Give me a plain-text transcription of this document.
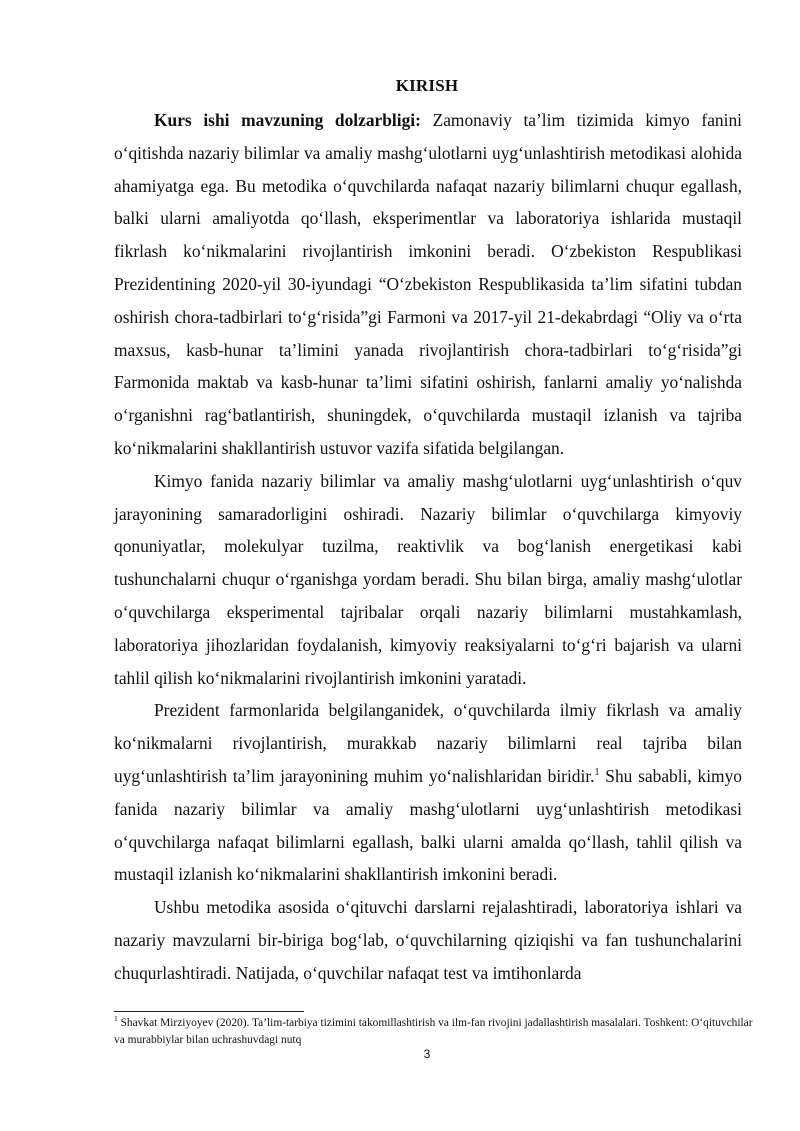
KIRISH

Kurs ishi mavzuning dolzarbligi: Zamonaviy ta’lim tizimida kimyo fanini o‘qitishda nazariy bilimlar va amaliy mashg‘ulotlarni uyg‘unlashtirish metodikasi alohida ahamiyatga ega. Bu metodika o‘quvchilarda nafaqat nazariy bilimlarni chuqur egallash, balki ularni amaliyotda qo‘llash, eksperimentlar va laboratoriya ishlarida mustaqil fikrlash ko‘nikmalarini rivojlantirish imkonini beradi. O‘zbekiston Respublikasi Prezidentining 2020-yil 30-iyundagi “O‘zbekiston Respublikasida ta’lim sifatini tubdan oshirish chora-tadbirlari to‘g‘risida”gi Farmoni va 2017-yil 21-dekabrdagi “Oliy va o‘rta maxsus, kasb-hunar ta’limini yanada rivojlantirish chora-tadbirlari to‘g‘risida”gi Farmonida maktab va kasb-hunar ta’limi sifatini oshirish, fanlarni amaliy yo‘nalishda o‘rganishni rag‘batlantirish, shuningdek, o‘quvchilarda mustaqil izlanish va tajriba ko‘nikmalarini shakllantirish ustuvor vazifa sifatida belgilangan.

Kimyo fanida nazariy bilimlar va amaliy mashg‘ulotlarni uyg‘unlashtirish o‘quv jarayonining samaradorligini oshiradi. Nazariy bilimlar o‘quvchilarga kimyoviy qonuniyatlar, molekulyar tuzilma, reaktivlik va bog‘lanish energetikasi kabi tushunchalarni chuqur o‘rganishga yordam beradi. Shu bilan birga, amaliy mashg‘ulotlar o‘quvchilarga eksperimental tajribalar orqali nazariy bilimlarni mustahkamlash, laboratoriya jihozlaridan foydalanish, kimyoviy reaksiyalarni to‘g‘ri bajarish va ularni tahlil qilish ko‘nikmalarini rivojlantirish imkonini yaratadi.

Prezident farmonlarida belgilanganidek, o‘quvchilarda ilmiy fikrlash va amaliy ko‘nikmalarni rivojlantirish, murakkab nazariy bilimlarni real tajriba bilan uyg‘unlashtirish ta’lim jarayonining muhim yo‘nalishlaridan biridir.$^1$ Shu sababli, kimyo fanida nazariy bilimlar va amaliy mashg‘ulotlarni uyg‘unlashtirish metodikasi o‘quvchilarga nafaqat bilimlarni egallash, balki ularni amalda qo‘llash, tahlil qilish va mustaqil izlanish ko‘nikmalarini shakllantirish imkonini beradi.

Ushbu metodika asosida o‘qituvchi darslarni rejalashtiradi, laboratoriya ishlari va nazariy mavzularni bir-biriga bog‘lab, o‘quvchilarning qiziqishi va fan tushunchalarini chuqurlashtiradi. Natijada, o‘quvchilar nafaqat test va imtihonlarda

$^1$ Shavkat Mirziyoyev (2020). Ta’lim-tarbiya tizimini takomillashtirish va ilm-fan rivojini jadallashtirish masalalari. Toshkent: O‘qituvchilar va murabbiylar bilan uchrashuvdagi nutq
3
